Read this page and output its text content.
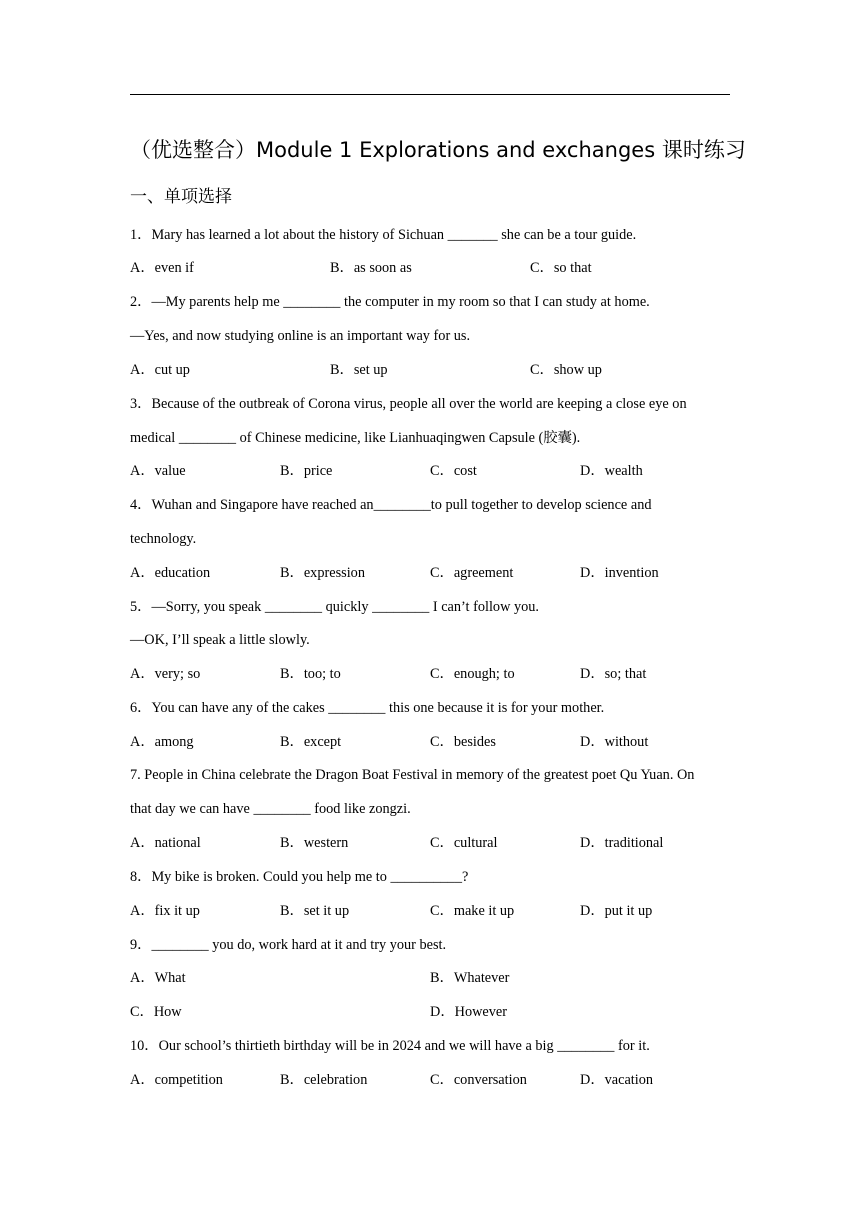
（优选整合）Module 1 Explorations and exchanges 课时练习
一、单项选择
1．Mary has learned a lot about the history of Sichuan _______ she can be a tour guide.
A．even if	B．as soon as	C．so that
2．—My parents help me ________ the computer in my room so that I can study at home.
—Yes, and now studying online is an important way for us.
A．cut up	B．set up	C．show up
3．Because of the outbreak of Corona virus, people all over the world are keeping a close eye on
medical ________ of Chinese medicine, like Lianhuaqingwen Capsule (胶囊).
A．value	B．price	C．cost	D．wealth
4．Wuhan and Singapore have reached an________to pull together to develop science and
technology.
A．education	B．expression	C．agreement	D．invention
5．—Sorry, you speak ________ quickly ________ I can’t follow you.
—OK, I’ll speak a little slowly.
A．very; so	B．too; to	C．enough; to	D．so; that
6．You can have any of the cakes ________ this one because it is for your mother.
A．among	B．except	C．besides	D．without
7. People in China celebrate the Dragon Boat Festival in memory of the greatest poet Qu Yuan. On
that day we can have ________ food like zongzi.
A．national	B．western	C．cultural	D．traditional
8．My bike is broken. Could you help me to __________?
A．fix it up	B．set it up	C．make it up	D．put it up
9．________ you do, work hard at it and try your best.
A．What	B．Whatever
C．How	D．However
10．Our school’s thirtieth birthday will be in 2024 and we will have a big ________ for it.
A．competition	B．celebration	C．conversation	D．vacation
